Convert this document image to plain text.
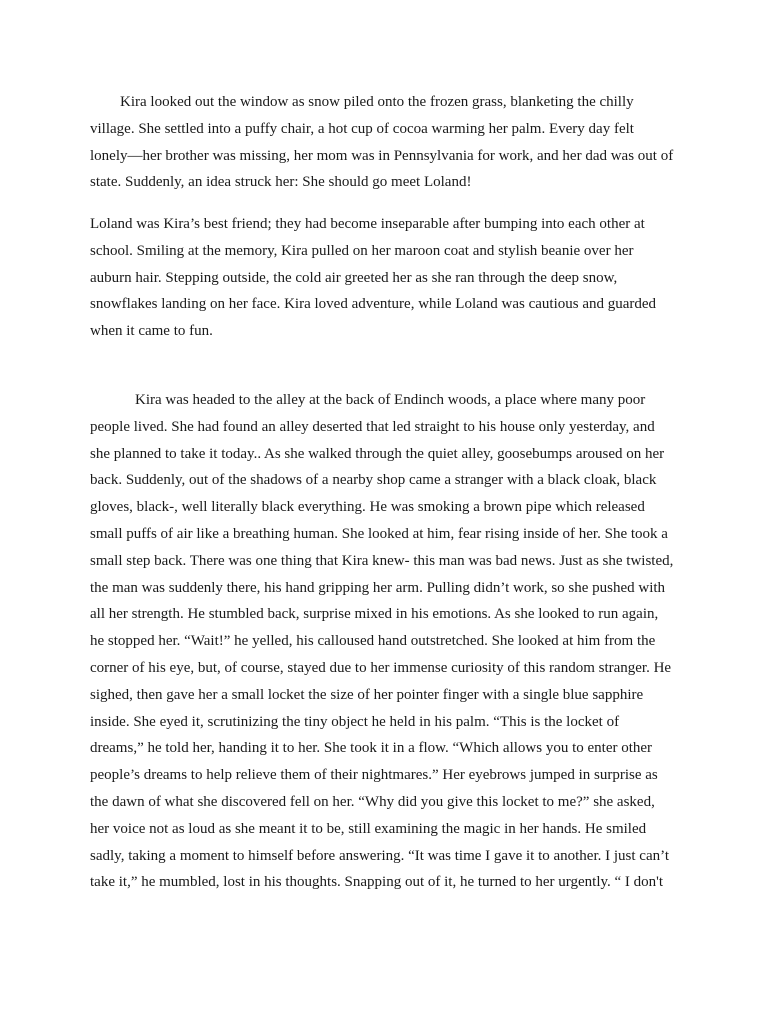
Kira looked out the window as snow piled onto the frozen grass, blanketing the chilly
village. She settled into a puffy chair, a hot cup of cocoa warming her palm. Every day felt
lonely—her brother was missing, her mom was in Pennsylvania for work, and her dad was out of
state. Suddenly, an idea struck her: She should go meet Loland!

Loland was Kira’s best friend; they had become inseparable after bumping into each other at
school. Smiling at the memory, Kira pulled on her maroon coat and stylish beanie over her
auburn hair. Stepping outside, the cold air greeted her as she ran through the deep snow,
snowflakes landing on her face. Kira loved adventure, while Loland was cautious and guarded
when it came to fun.

Kira was headed to the alley at the back of Endinch woods, a place where many poor
people lived. She had found an alley deserted that led straight to his house only yesterday, and
she planned to take it today.. As she walked through the quiet alley, goosebumps aroused on her
back. Suddenly, out of the shadows of a nearby shop came a stranger with a black cloak, black
gloves, black-, well literally black everything. He was smoking a brown pipe which released
small puffs of air like a breathing human. She looked at him, fear rising inside of her. She took a
small step back. There was one thing that Kira knew- this man was bad news. Just as she twisted,
the man was suddenly there, his hand gripping her arm. Pulling didn’t work, so she pushed with
all her strength. He stumbled back, surprise mixed in his emotions. As she looked to run again,
he stopped her. “Wait!” he yelled, his calloused hand outstretched. She looked at him from the
corner of his eye, but, of course, stayed due to her immense curiosity of this random stranger. He
sighed, then gave her a small locket the size of her pointer finger with a single blue sapphire
inside. She eyed it, scrutinizing the tiny object he held in his palm. “This is the locket of
dreams,” he told her, handing it to her. She took it in a flow. “Which allows you to enter other
people’s dreams to help relieve them of their nightmares.” Her eyebrows jumped in surprise as
the dawn of what she discovered fell on her. “Why did you give this locket to me?” she asked,
her voice not as loud as she meant it to be, still examining the magic in her hands. He smiled
sadly, taking a moment to himself before answering. “It was time I gave it to another. I just can’t
take it,” he mumbled, lost in his thoughts. Snapping out of it, he turned to her urgently. “ I don't
